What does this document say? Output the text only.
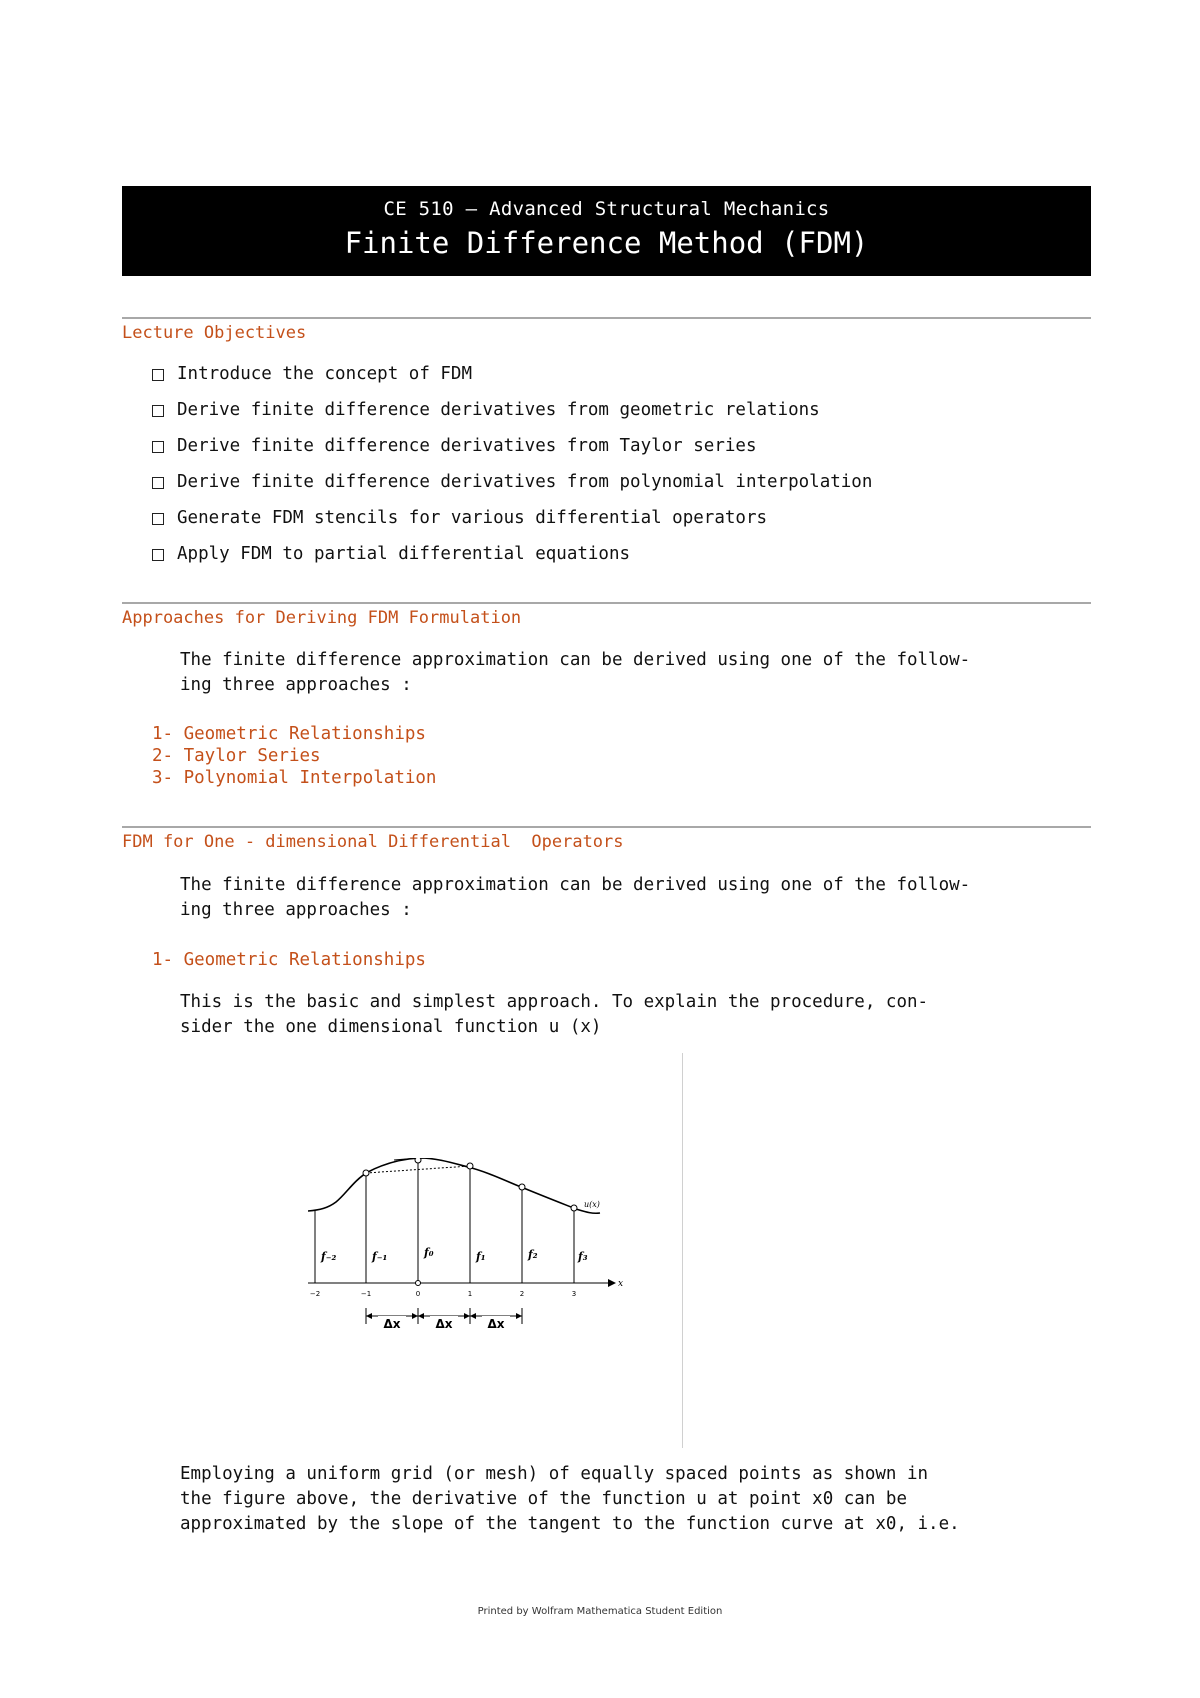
CE 510 – Advanced Structural Mechanics
Finite Difference Method (FDM)
Lecture Objectives
Introduce the concept of FDM
Derive finite difference derivatives from geometric relations
Derive finite difference derivatives from Taylor series
Derive finite difference derivatives from polynomial interpolation
Generate FDM stencils for various differential operators
Apply FDM to partial differential equations
Approaches for Deriving FDM Formulation
The finite difference approximation can be derived using one of the follow-
ing three approaches :
1- Geometric Relationships
2- Taylor Series
3- Polynomial Interpolation
FDM for One - dimensional Differential  Operators
The finite difference approximation can be derived using one of the follow-
ing three approaches :
1- Geometric Relationships
This is the basic and simplest approach. To explain the procedure, con-
sider the one dimensional function u (x)
x
u(x)
f₋₂	f₋₁	f₀	f₁	f₂	f₃
−2	−1	0	1	2	3
Δx	Δx	Δx
Employing a uniform grid (or mesh) of equally spaced points as shown in
the figure above, the derivative of the function u at point x0 can be
approximated by the slope of the tangent to the function curve at x0, i.e.
Printed by Wolfram Mathematica Student Edition
